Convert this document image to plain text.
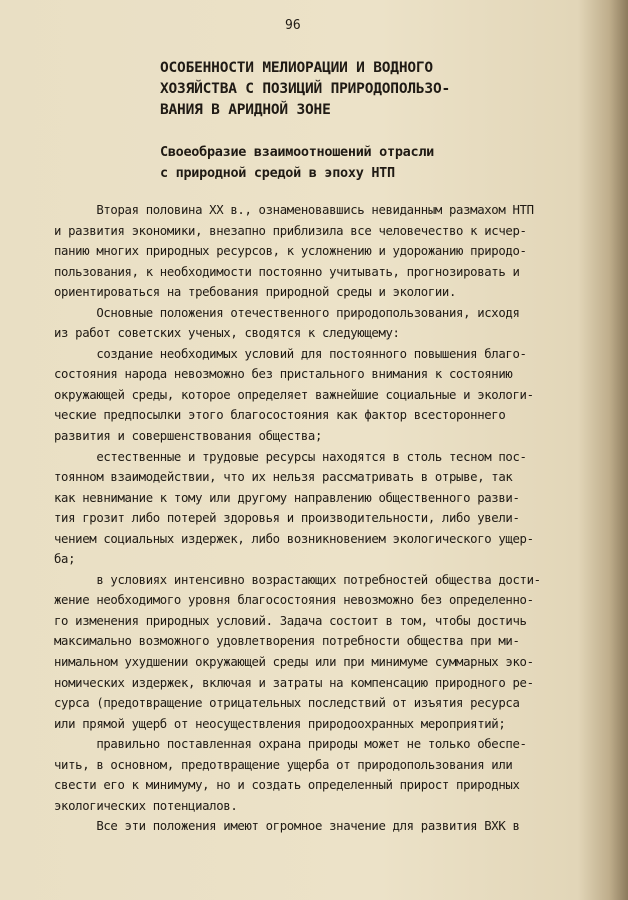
96
ОСОБЕННОСТИ МЕЛИОРАЦИИ И ВОДНОГО
ХОЗЯЙСТВА С ПОЗИЦИЙ ПРИРОДОПОЛЬЗО-
ВАНИЯ В АРИДНОЙ ЗОНЕ
Своеобразие взаимоотношений отрасли
с природной средой в эпоху НТП
Вторая половина XX в., ознаменовавшись невиданным размахом НТП
и развития экономики, внезапно приблизила все человечество к исчер-
панию многих природных ресурсов, к усложнению и удорожанию природо-
пользования, к необходимости постоянно учитывать, прогнозировать и
ориентироваться на требования природной среды и экологии.
Основные положения отечественного природопользования, исходя
из работ советских ученых, сводятся к следующему:
создание необходимых условий для постоянного повышения благо-
состояния народа невозможно без пристального внимания к состоянию
окружающей среды, которое определяет важнейшие социальные и экологи-
ческие предпосылки этого благосостояния как фактор всестороннего
развития и совершенствования общества;
естественные и трудовые ресурсы находятся в столь тесном пос-
тоянном взаимодействии, что их нельзя рассматривать в отрыве, так
как невнимание к тому или другому направлению общественного разви-
тия грозит либо потерей здоровья и производительности, либо увели-
чением социальных издержек, либо возникновением экологического ущер-
ба;
в условиях интенсивно возрастающих потребностей общества дости-
жение необходимого уровня благосостояния невозможно без определенно-
го изменения природных условий. Задача состоит в том, чтобы достичь
максимально возможного удовлетворения потребности общества при ми-
нимальном ухудшении окружающей среды или при минимуме суммарных эко-
номических издержек, включая и затраты на компенсацию природного ре-
сурса (предотвращение отрицательных последствий от изъятия ресурса
или прямой ущерб от неосуществления природоохранных мероприятий;
правильно поставленная охрана природы может не только обеспе-
чить, в основном, предотвращение ущерба от природопользования или
свести его к минимуму, но и создать определенный прирост природных
экологических потенциалов.
Все эти положения имеют огромное значение для развития ВХК в
